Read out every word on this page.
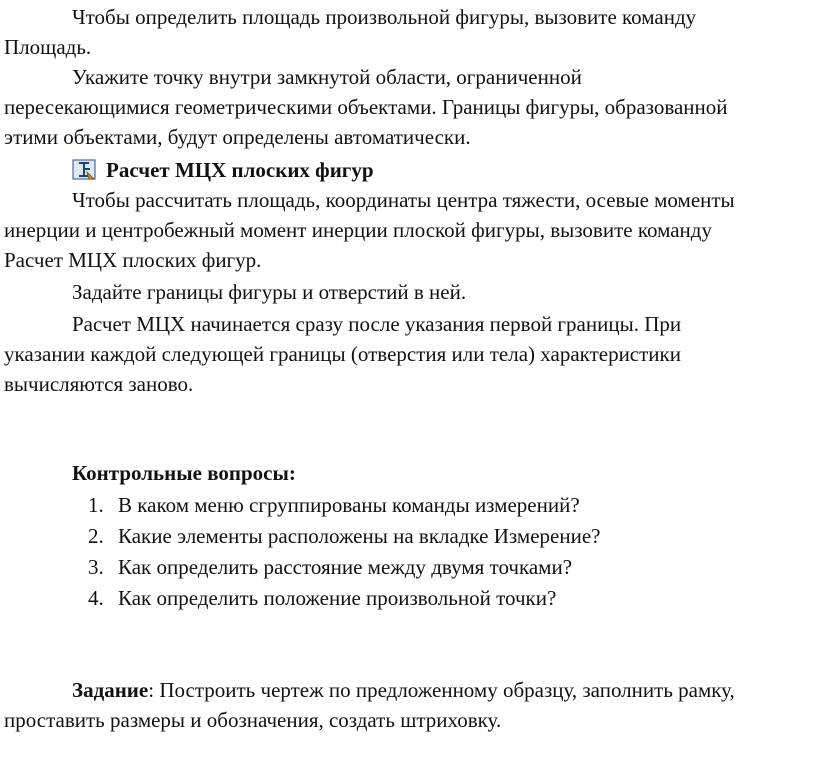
Чтобы определить площадь произвольной фигуры, вызовите команду
Площадь.
Укажите точку внутри замкнутой области, ограниченной
пересекающимися геометрическими объектами. Границы фигуры, образованной
этими объектами, будут определены автоматически.
Расчет МЦХ плоских фигур
Чтобы рассчитать площадь, координаты центра тяжести, осевые моменты
инерции и центробежный момент инерции плоской фигуры, вызовите команду
Расчет МЦХ плоских фигур.
Задайте границы фигуры и отверстий в ней.
Расчет МЦХ начинается сразу после указания первой границы. При
указании каждой следующей границы (отверстия или тела) характеристики
вычисляются заново.
Контрольные вопросы:
1. В каком меню сгруппированы команды измерений?
2. Какие элементы расположены на вкладке Измерение?
3. Как определить расстояние между двумя точками?
4. Как определить положение произвольной точки?
Задание: Построить чертеж по предложенному образцу, заполнить рамку,
проставить размеры и обозначения, создать штриховку.
